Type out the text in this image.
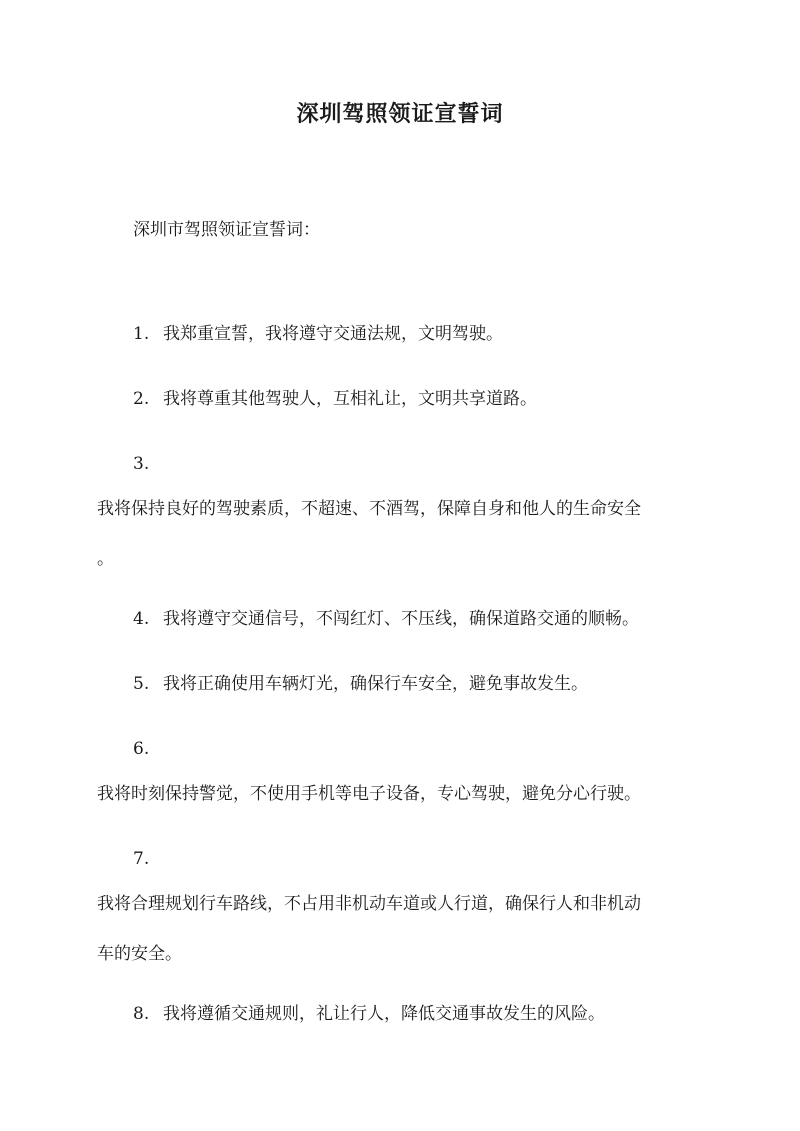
深圳驾照领证宣誓词
深圳市驾照领证宣誓词：
1. 我郑重宣誓，我将遵守交通法规，文明驾驶。
2. 我将尊重其他驾驶人，互相礼让，文明共享道路。
3.
我将保持良好的驾驶素质，不超速、不酒驾，保障自身和他人的生命安全
。
4. 我将遵守交通信号，不闯红灯、不压线，确保道路交通的顺畅。
5. 我将正确使用车辆灯光，确保行车安全，避免事故发生。
6.
我将时刻保持警觉，不使用手机等电子设备，专心驾驶，避免分心行驶。
7.
我将合理规划行车路线，不占用非机动车道或人行道，确保行人和非机动
车的安全。
8. 我将遵循交通规则，礼让行人，降低交通事故发生的风险。
